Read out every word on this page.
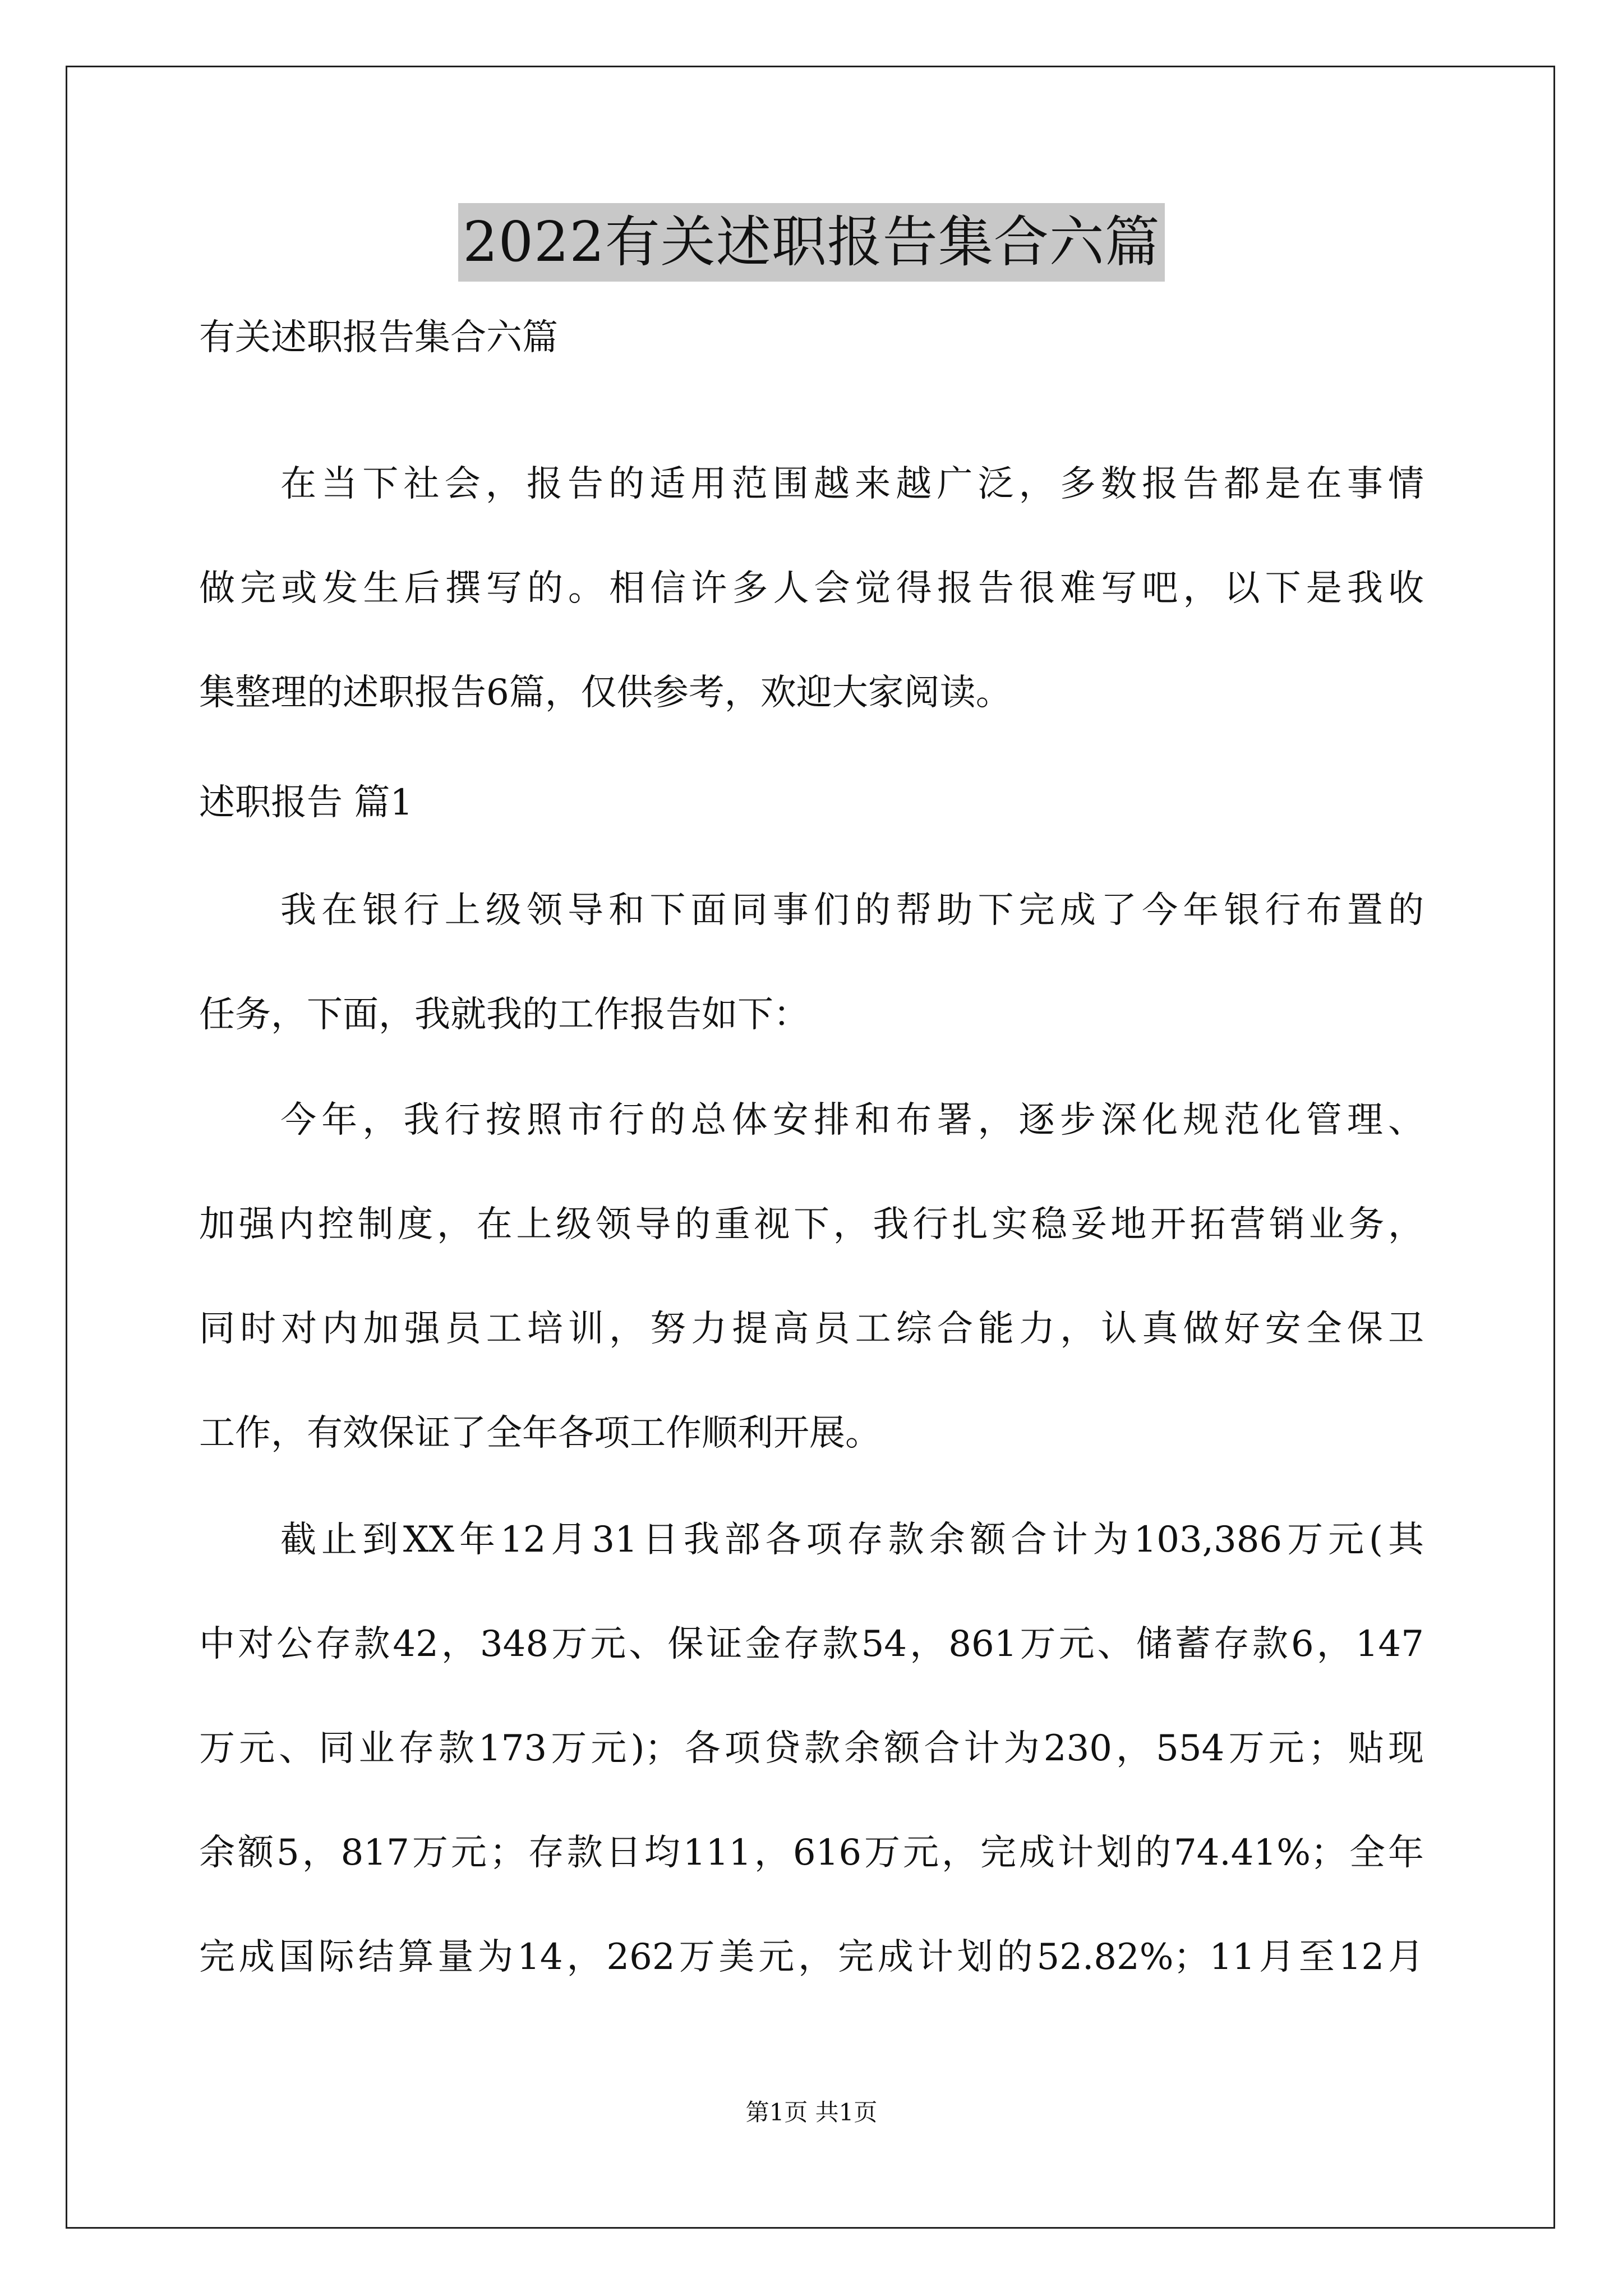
2022有关述职报告集合六篇

有关述职报告集合六篇

在当下社会，报告的适用范围越来越广泛，多数报告都是在事情

做完或发生后撰写的。相信许多人会觉得报告很难写吧，以下是我收

集整理的述职报告6篇，仅供参考，欢迎大家阅读。

述职报告 篇1

我在银行上级领导和下面同事们的帮助下完成了今年银行布置的

任务，下面，我就我的工作报告如下：

今年，我行按照市行的总体安排和布署，逐步深化规范化管理、

加强内控制度，在上级领导的重视下，我行扎实稳妥地开拓营销业务，

同时对内加强员工培训，努力提高员工综合能力，认真做好安全保卫

工作，有效保证了全年各项工作顺利开展。

截止到XX年12月31日我部各项存款余额合计为103,386万元(其

中对公存款42，348万元、保证金存款54，861万元、储蓄存款6，147

万元、同业存款173万元)；各项贷款余额合计为230，554万元；贴现

余额5，817万元；存款日均111，616万元，完成计划的74.41%；全年

完成国际结算量为14，262万美元，完成计划的52.82%；11月至12月

第1页 共1页
